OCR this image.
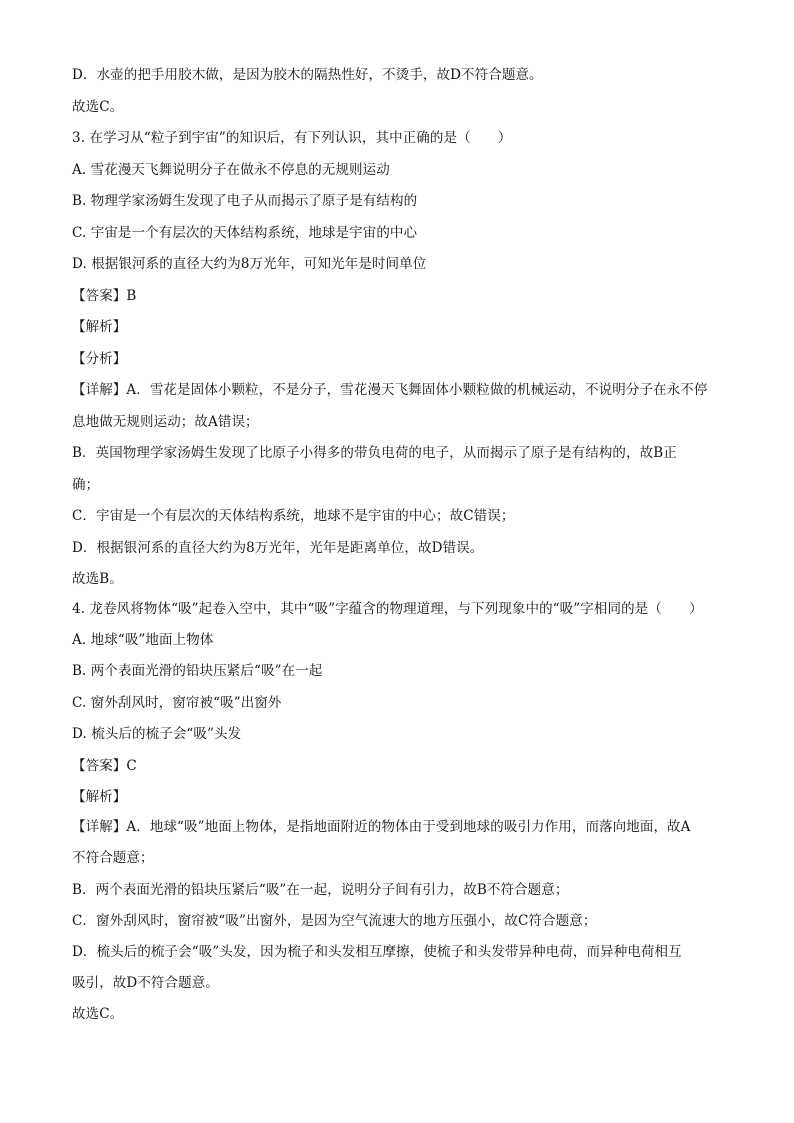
D．水壶的把手用胶木做，是因为胶木的隔热性好，不烫手，故D不符合题意。
故选C。
3. 在学习从“粒子到宇宙”的知识后，有下列认识，其中正确的是（　　）
A. 雪花漫天飞舞说明分子在做永不停息的无规则运动
B. 物理学家汤姆生发现了电子从而揭示了原子是有结构的
C. 宇宙是一个有层次的天体结构系统，地球是宇宙的中心
D. 根据银河系的直径大约为8万光年，可知光年是时间单位
【答案】B
【解析】
【分析】
【详解】A．雪花是固体小颗粒，不是分子，雪花漫天飞舞固体小颗粒做的机械运动，不说明分子在永不停
息地做无规则运动；故A错误；
B．英国物理学家汤姆生发现了比原子小得多的带负电荷的电子，从而揭示了原子是有结构的，故B正
确；
C．宇宙是一个有层次的天体结构系统，地球不是宇宙的中心；故C错误；
D．根据银河系的直径大约为8万光年，光年是距离单位，故D错误。
故选B。
4. 龙卷风将物体“吸”起卷入空中，其中“吸”字蕴含的物理道理，与下列现象中的“吸”字相同的是（　　）
A. 地球“吸”地面上物体
B. 两个表面光滑的铅块压紧后“吸”在一起
C. 窗外刮风时，窗帘被“吸”出窗外
D. 梳头后的梳子会“吸”头发
【答案】C
【解析】
【详解】A．地球“吸”地面上物体，是指地面附近的物体由于受到地球的吸引力作用，而落向地面，故A
不符合题意；
B．两个表面光滑的铅块压紧后“吸”在一起，说明分子间有引力，故B不符合题意；
C．窗外刮风时，窗帘被“吸”出窗外，是因为空气流速大的地方压强小，故C符合题意；
D．梳头后的梳子会“吸”头发，因为梳子和头发相互摩擦，使梳子和头发带异种电荷，而异种电荷相互
吸引，故D不符合题意。
故选C。
